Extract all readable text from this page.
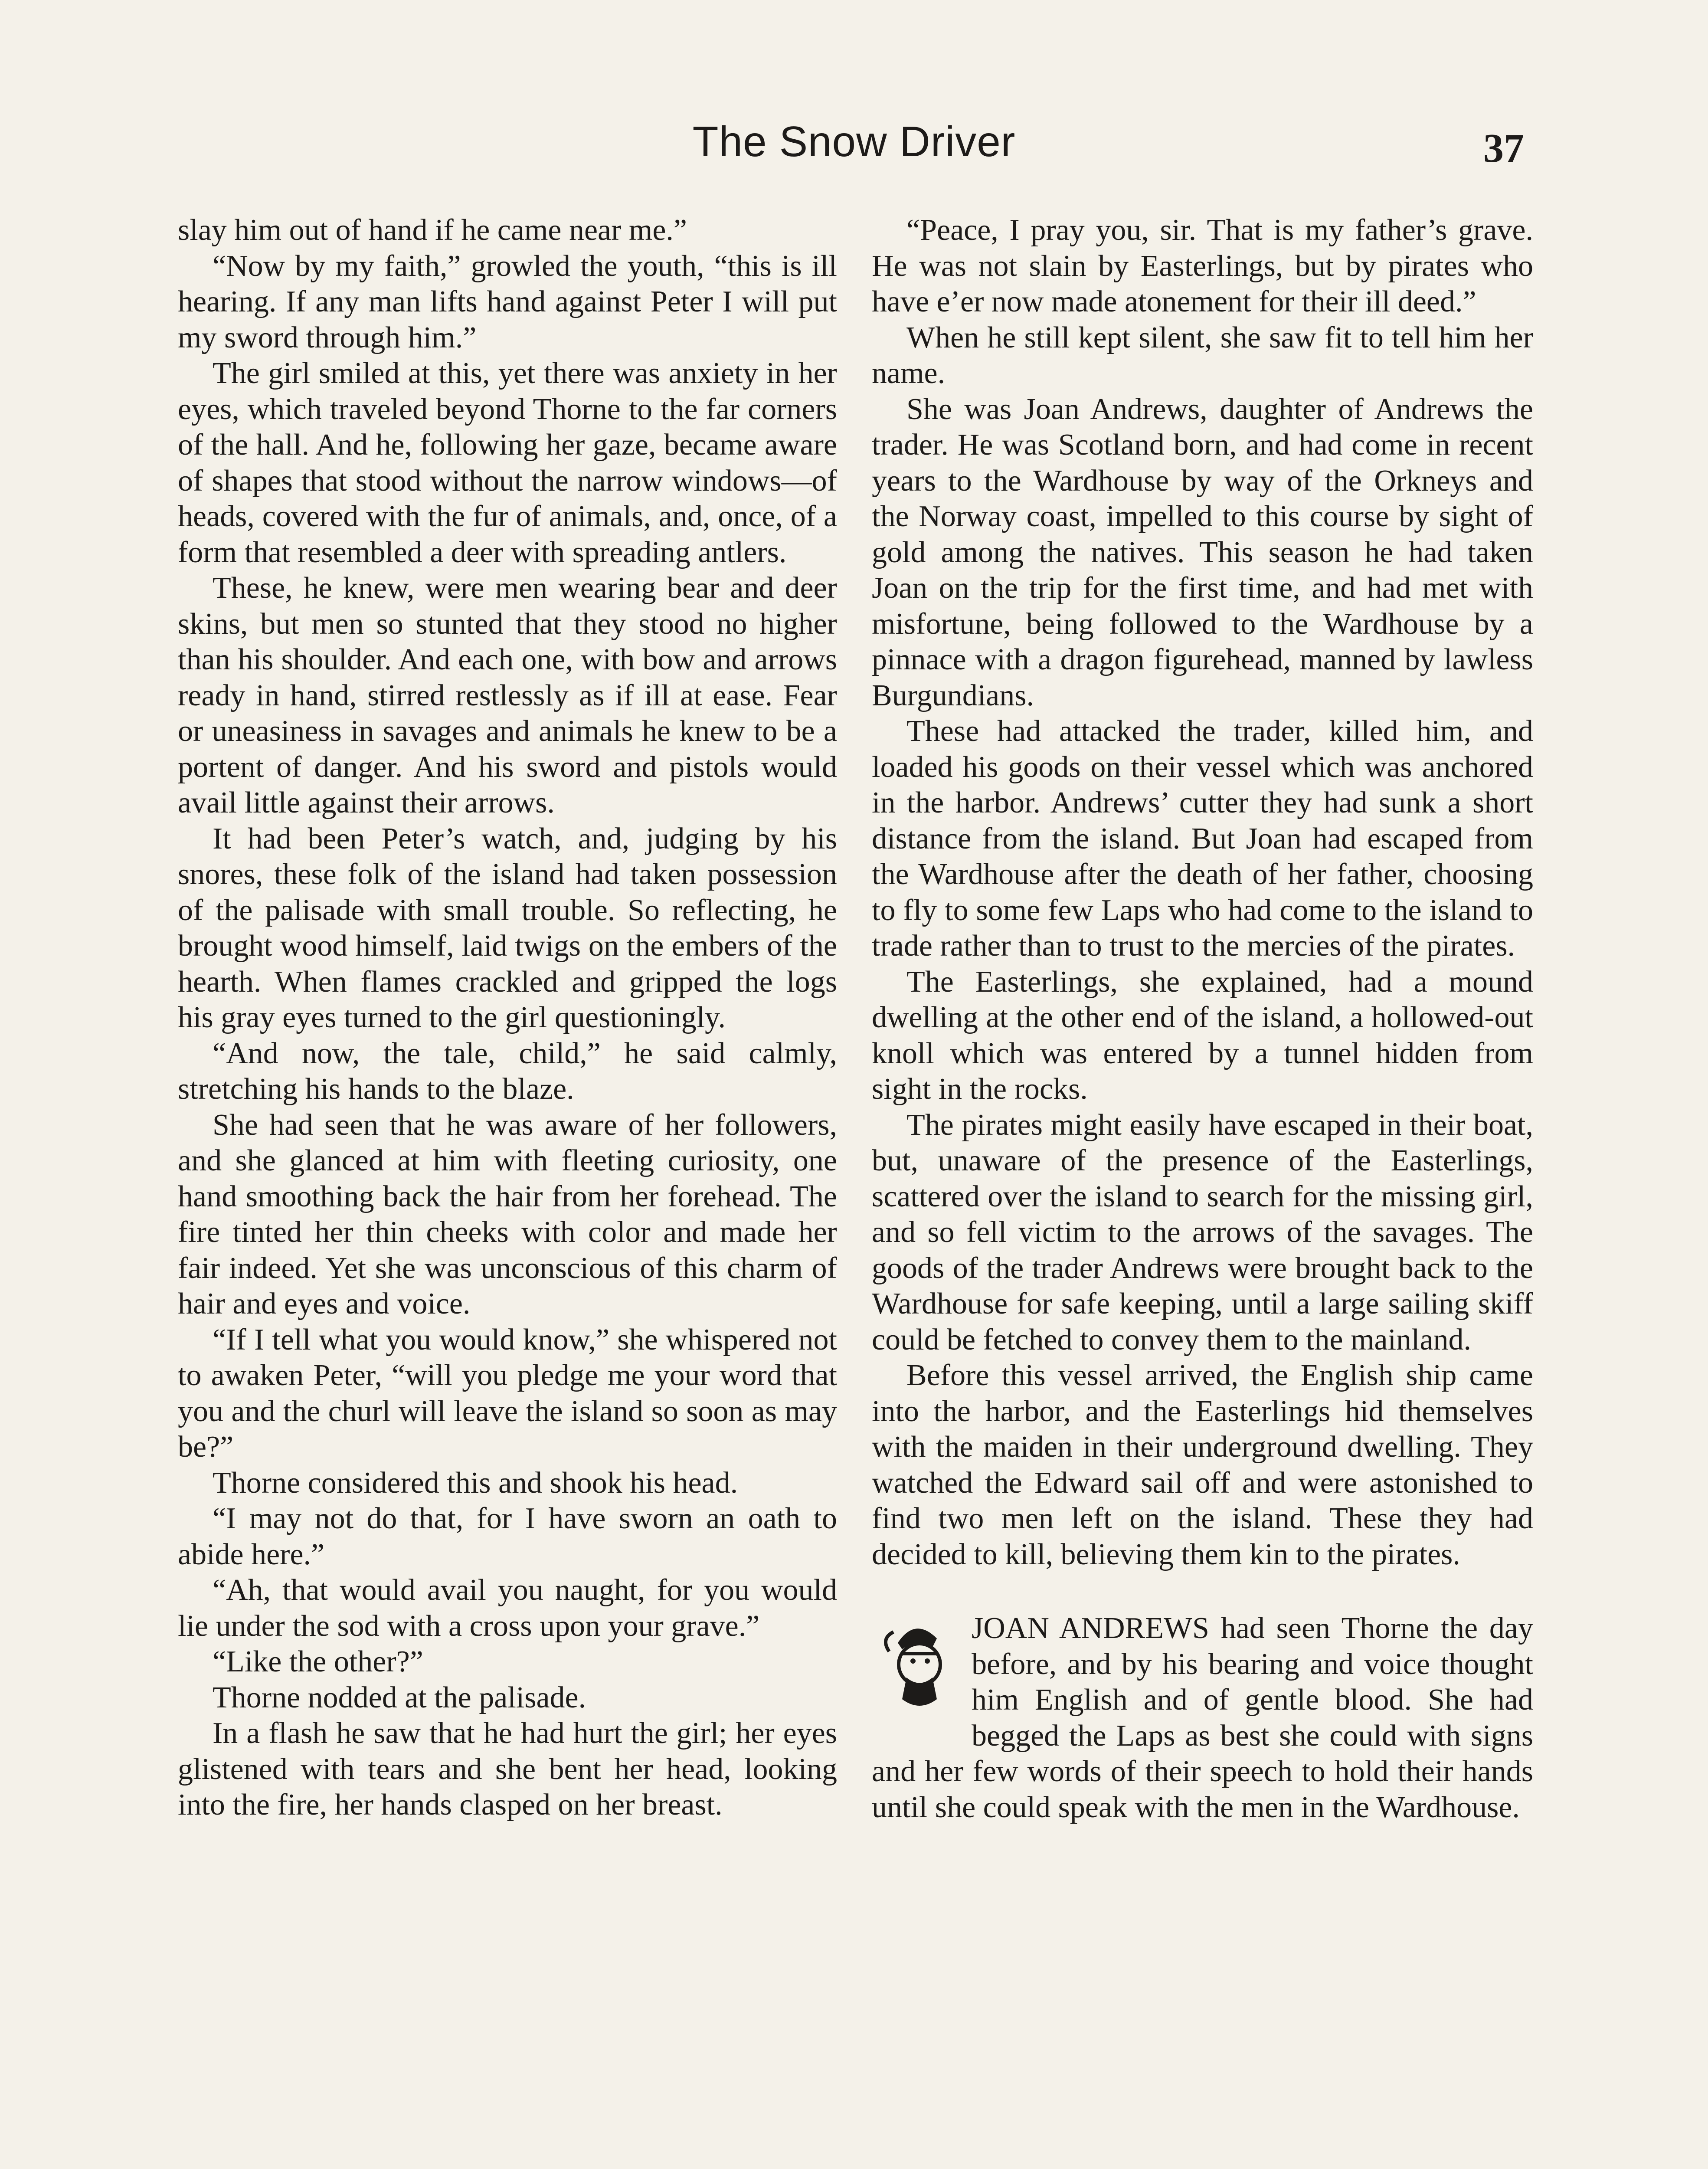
The Snow Driver	37

slay him out of hand if he came near me.”

“Now by my faith,” growled the youth, “this is ill hearing. If any man lifts hand against Peter I will put my sword through him.”

The girl smiled at this, yet there was anxiety in her eyes, which traveled beyond Thorne to the far corners of the hall. And he, following her gaze, became aware of shapes that stood without the narrow windows—of heads, covered with the fur of animals, and, once, of a form that resembled a deer with spreading antlers.

These, he knew, were men wearing bear and deer skins, but men so stunted that they stood no higher than his shoulder. And each one, with bow and arrows ready in hand, stirred restlessly as if ill at ease. Fear or uneasiness in savages and animals he knew to be a portent of danger. And his sword and pistols would avail little against their arrows.

It had been Peter’s watch, and, judging by his snores, these folk of the island had taken possession of the palisade with small trouble. So reflecting, he brought wood himself, laid twigs on the embers of the hearth. When flames crackled and gripped the logs his gray eyes turned to the girl questioningly.

“And now, the tale, child,” he said calmly, stretching his hands to the blaze.

She had seen that he was aware of her followers, and she glanced at him with fleeting curiosity, one hand smoothing back the hair from her forehead. The fire tinted her thin cheeks with color and made her fair indeed. Yet she was unconscious of this charm of hair and eyes and voice.

“If I tell what you would know,” she whispered not to awaken Peter, “will you pledge me your word that you and the churl will leave the island so soon as may be?”

Thorne considered this and shook his head.

“I may not do that, for I have sworn an oath to abide here.”

“Ah, that would avail you naught, for you would lie under the sod with a cross upon your grave.”

“Like the other?”

Thorne nodded at the palisade.

In a flash he saw that he had hurt the girl; her eyes glistened with tears and she bent her head, looking into the fire, her hands clasped on her breast.

“Peace, I pray you, sir. That is my father’s grave. He was not slain by Easterlings, but by pirates who have e’er now made atonement for their ill deed.”

When he still kept silent, she saw fit to tell him her name.

She was Joan Andrews, daughter of Andrews the trader. He was Scotland born, and had come in recent years to the Wardhouse by way of the Orkneys and the Norway coast, impelled to this course by sight of gold among the natives. This season he had taken Joan on the trip for the first time, and had met with misfortune, being followed to the Wardhouse by a pinnace with a dragon figurehead, manned by lawless Burgundians.

These had attacked the trader, killed him, and loaded his goods on their vessel which was anchored in the harbor. Andrews’ cutter they had sunk a short distance from the island. But Joan had escaped from the Wardhouse after the death of her father, choosing to fly to some few Laps who had come to the island to trade rather than to trust to the mercies of the pirates.

The Easterlings, she explained, had a mound dwelling at the other end of the island, a hollowed-out knoll which was entered by a tunnel hidden from sight in the rocks.

The pirates might easily have escaped in their boat, but, unaware of the presence of the Easterlings, scattered over the island to search for the missing girl, and so fell victim to the arrows of the savages. The goods of the trader Andrews were brought back to the Wardhouse for safe keeping, until a large sailing skiff could be fetched to convey them to the mainland.

Before this vessel arrived, the English ship came into the harbor, and the Easterlings hid themselves with the maiden in their underground dwelling. They watched the Edward sail off and were astonished to find two men left on the island. These they had decided to kill, believing them kin to the pirates.

JOAN ANDREWS had seen Thorne the day before, and by his bearing and voice thought him English and of gentle blood. She had begged the Laps as best she could with signs and her few words of their speech to hold their hands until she could speak with the men in the Wardhouse.
